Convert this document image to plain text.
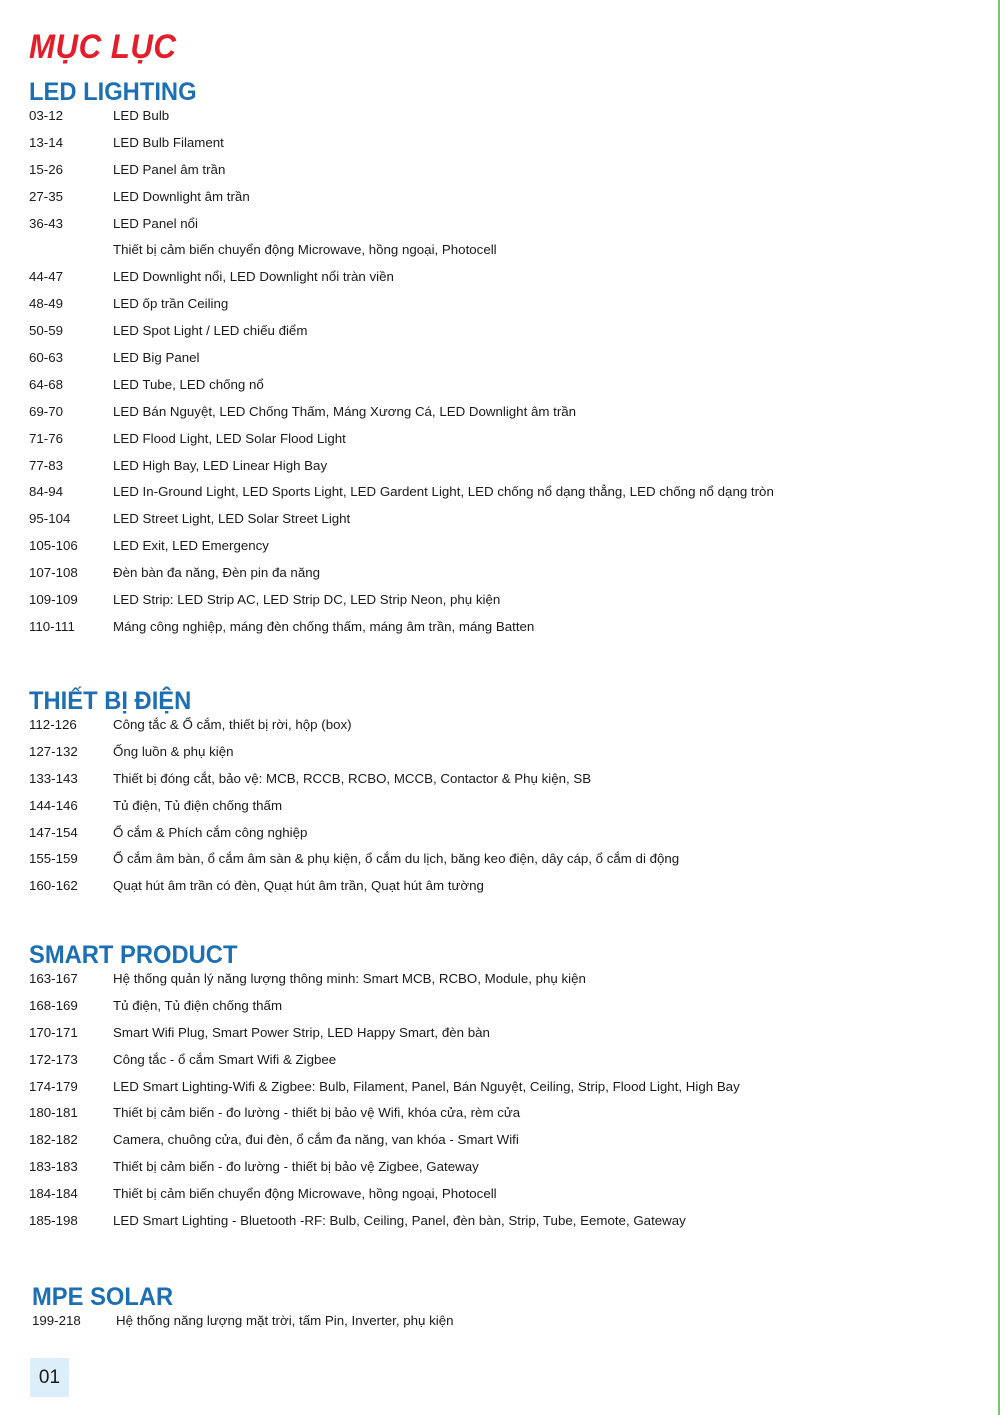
MỤC LỤC
LED LIGHTING
03-12	LED Bulb
13-14	LED Bulb Filament
15-26	LED Panel âm trần
27-35	LED Downlight âm trần
36-43	LED Panel nổi
Thiết bị cảm biến chuyển động Microwave, hồng ngoại, Photocell
44-47	LED Downlight nổi, LED Downlight nổi tràn viền
48-49	LED ốp trần Ceiling
50-59	LED Spot Light / LED chiếu điểm
60-63	LED Big Panel
64-68	LED Tube, LED chống nổ
69-70	LED Bán Nguyệt, LED Chống Thấm, Máng Xương Cá, LED Downlight âm trần
71-76	LED Flood Light, LED Solar Flood Light
77-83	LED High Bay, LED Linear High Bay
84-94	LED In-Ground Light, LED Sports Light, LED Gardent Light, LED chống nổ dạng thẳng, LED chống nổ dạng tròn
95-104	LED Street Light, LED Solar Street Light
105-106	LED Exit, LED Emergency
107-108	Đèn bàn đa năng, Đèn pin đa năng
109-109	LED Strip: LED Strip AC, LED Strip DC, LED Strip Neon, phụ kiện
110-111	Máng công nghiệp, máng đèn chống thấm, máng âm trần, máng Batten
THIẾT BỊ ĐIỆN
112-126	Công tắc & Ổ cắm, thiết bị rời, hộp (box)
127-132	Ống luồn & phụ kiện
133-143	Thiết bị đóng cắt, bảo vệ: MCB, RCCB, RCBO, MCCB, Contactor & Phụ kiện, SB
144-146	Tủ điện, Tủ điện chống thấm
147-154	Ổ cắm & Phích cắm công nghiệp
155-159	Ổ cắm âm bàn, ổ cắm âm sàn & phụ kiện, ổ cắm du lịch, băng keo điện, dây cáp, ổ cắm di động
160-162	Quạt hút âm trần có đèn, Quạt hút âm trần, Quạt hút âm tường
SMART PRODUCT
163-167	Hệ thống quản lý năng lượng thông minh: Smart MCB, RCBO, Module, phụ kiện
168-169	Tủ điện, Tủ điện chống thấm
170-171	Smart Wifi Plug, Smart Power Strip, LED Happy Smart, đèn bàn
172-173	Công tắc - ổ cắm Smart Wifi & Zigbee
174-179	LED Smart Lighting-Wifi & Zigbee: Bulb, Filament, Panel, Bán Nguyệt, Ceiling, Strip, Flood Light, High Bay
180-181	Thiết bị cảm biến - đo lường - thiết bị bảo vệ Wifi, khóa cửa, rèm cửa
182-182	Camera, chuông cửa, đui đèn, ổ cắm đa năng, van khóa - Smart Wifi
183-183	Thiết bị cảm biến - đo lường - thiết bị bảo vệ Zigbee, Gateway
184-184	Thiết bị cảm biến chuyển động Microwave, hồng ngoại, Photocell
185-198	LED Smart Lighting - Bluetooth -RF: Bulb, Ceiling, Panel, đèn bàn, Strip, Tube, Eemote, Gateway
MPE SOLAR
199-218	Hệ thống năng lượng mặt trời, tấm Pin, Inverter, phụ kiện
01
